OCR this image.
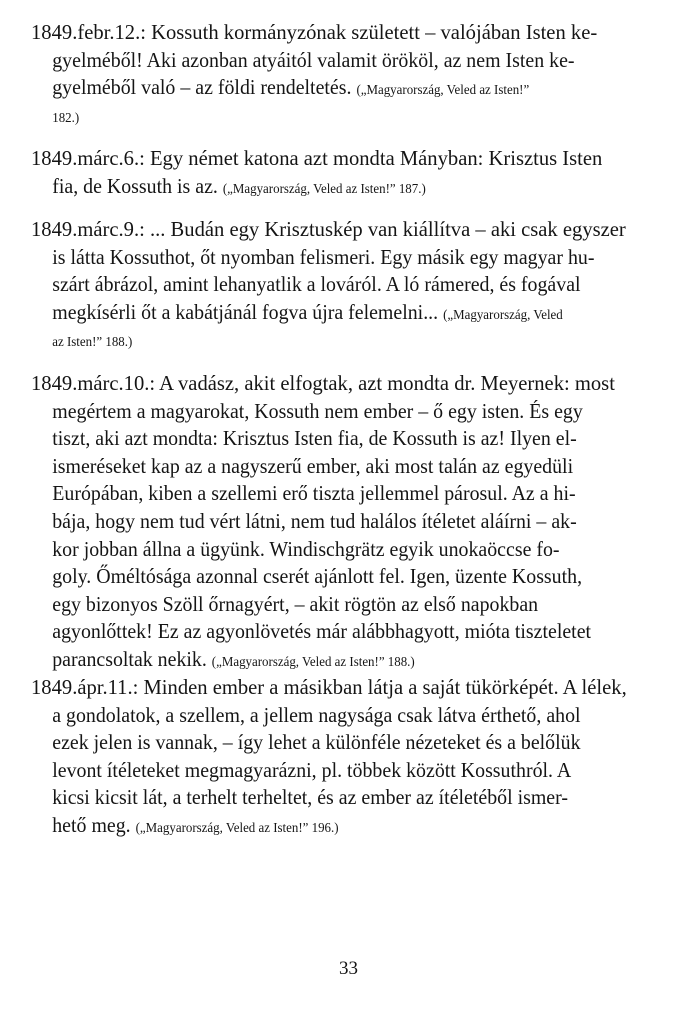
1849.febr.12.: Kossuth kormányzónak született – valójában Isten ke-
gyelméből! Aki azonban atyáitól valamit örököl, az nem Isten ke-
gyelméből való – az földi rendeltetés. („Magyarország, Veled az Isten!”
182.)
1849.márc.6.: Egy német katona azt mondta Mányban: Krisztus Isten
fia, de Kossuth is az. („Magyarország, Veled az Isten!” 187.)
1849.márc.9.: ... Budán egy Krisztuskép van kiállítva – aki csak egyszer
is látta Kossuthot, őt nyomban felismeri. Egy másik egy magyar hu-
szárt ábrázol, amint lehanyatlik a lováról. A ló rámered, és fogával
megkísérli őt a kabátjánál fogva újra felemelni... („Magyarország, Veled
az Isten!” 188.)
1849.márc.10.: A vadász, akit elfogtak, azt mondta dr. Meyernek: most
megértem a magyarokat, Kossuth nem ember – ő egy isten. És egy
tiszt, aki azt mondta: Krisztus Isten fia, de Kossuth is az! Ilyen el-
ismeréseket kap az a nagyszerű ember, aki most talán az egyedüli
Európában, kiben a szellemi erő tiszta jellemmel párosul. Az a hi-
bája, hogy nem tud vért látni, nem tud halálos ítéletet aláírni – ak-
kor jobban állna a ügyünk. Windischgrätz egyik unokaöccse fo-
goly. Őméltósága azonnal cserét ajánlott fel. Igen, üzente Kossuth,
egy bizonyos Szöll őrnagyért, – akit rögtön az első napokban
agyonlőttek! Ez az agyonlövetés már alábbhagyott, mióta tiszteletet
parancsoltak nekik. („Magyarország, Veled az Isten!” 188.)
1849.ápr.11.: Minden ember a másikban látja a saját tükörképét. A lélek,
a gondolatok, a szellem, a jellem nagysága csak látva érthető, ahol
ezek jelen is vannak, – így lehet a különféle nézeteket és a belőlük
levont ítéleteket megmagyarázni, pl. többek között Kossuthról. A
kicsi kicsit lát, a terhelt terheltet, és az ember az ítéletéből ismer-
hető meg. („Magyarország, Veled az Isten!” 196.)
33
